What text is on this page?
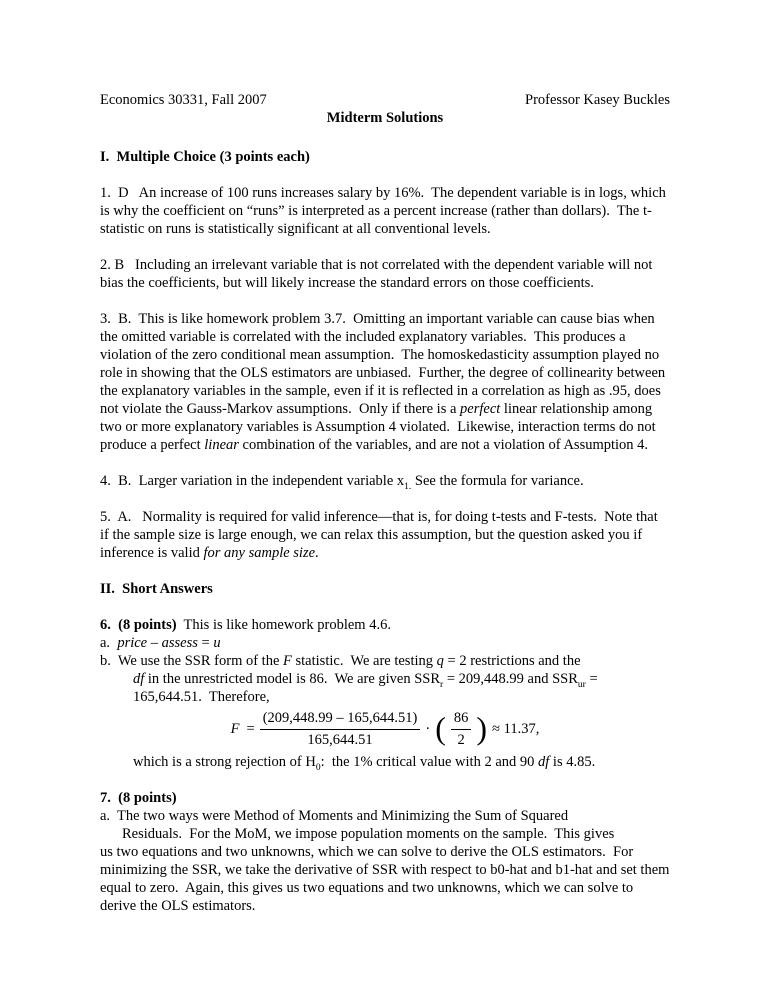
Economics 30331, Fall 2007	Professor Kasey Buckles
Midterm Solutions
I.  Multiple Choice (3 points each)

1.  D   An increase of 100 runs increases salary by 16%.  The dependent variable is in logs, which is why the coefficient on “runs” is interpreted as a percent increase (rather than dollars).  The t-statistic on runs is statistically significant at all conventional levels.

2. B   Including an irrelevant variable that is not correlated with the dependent variable will not bias the coefficients, but will likely increase the standard errors on those coefficients.

3.  B.  This is like homework problem 3.7.  Omitting an important variable can cause bias when the omitted variable is correlated with the included explanatory variables.  This produces a violation of the zero conditional mean assumption.  The homoskedasticity assumption played no role in showing that the OLS estimators are unbiased.  Further, the degree of collinearity between the explanatory variables in the sample, even if it is reflected in a correlation as high as .95, does not violate the Gauss-Markov assumptions.  Only if there is a perfect linear relationship among two or more explanatory variables is Assumption 4 violated.  Likewise, interaction terms do not produce a perfect linear combination of the variables, and are not a violation of Assumption 4.

4.  B.  Larger variation in the independent variable $x_{1.}$ See the formula for variance.

5.  A.   Normality is required for valid inference—that is, for doing t-tests and F-tests.  Note that if the sample size is large enough, we can relax this assumption, but the question asked you if inference is valid for any sample size.

II.  Short Answers
6.  (8 points)  This is like homework problem 4.6.
a.  price – assess = u
b.  We use the SSR form of the F statistic.  We are testing q = 2 restrictions and the
df in the unrestricted model is 86.  We are given $SSR_r = 209,448.99$ and $SSR_{ur}$ =
165,644.51.  Therefore,
$F = \frac{(209,448.99 - 165,644.51)}{165,644.51}$ · ( $\frac{86}{2}$ ) ≈ 11.37,
which is a strong rejection of $H_0$:  the 1% critical value with 2 and 90 df is 4.85.
7.  (8 points)
a.  The two ways were Method of Moments and Minimizing the Sum of Squared
Residuals.  For the MoM, we impose population moments on the sample.  This gives
us two equations and two unknowns, which we can solve to derive the OLS estimators.  For minimizing the SSR, we take the derivative of SSR with respect to b0-hat and b1-hat and set them equal to zero.  Again, this gives us two equations and two unknowns, which we can solve to derive the OLS estimators.
